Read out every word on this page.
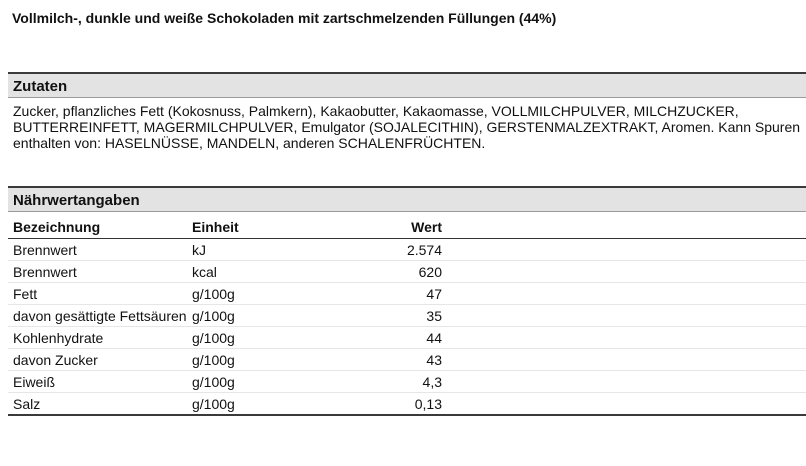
Vollmilch-, dunkle und weiße Schokoladen mit zartschmelzenden Füllungen (44%)
Zutaten
Zucker, pflanzliches Fett (Kokosnuss, Palmkern), Kakaobutter, Kakaomasse, VOLLMILCHPULVER, MILCHZUCKER, BUTTERREINFETT, MAGERMILCHPULVER, Emulgator (SOJALECITHIN), GERSTENMALZEXTRAKT, Aromen. Kann Spuren enthalten von: HASELNÜSSE, MANDELN, anderen SCHALENFRÜCHTEN.
Nährwertangaben
Bezeichnung	Einheit	Wert	
Brennwert	kJ	2.574	
Brennwert	kcal	620	
Fett	g/100g	47	
davon gesättigte Fettsäuren	g/100g	35	
Kohlenhydrate	g/100g	44	
davon Zucker	g/100g	43	
Eiweiß	g/100g	4,3	
Salz	g/100g	0,13	
